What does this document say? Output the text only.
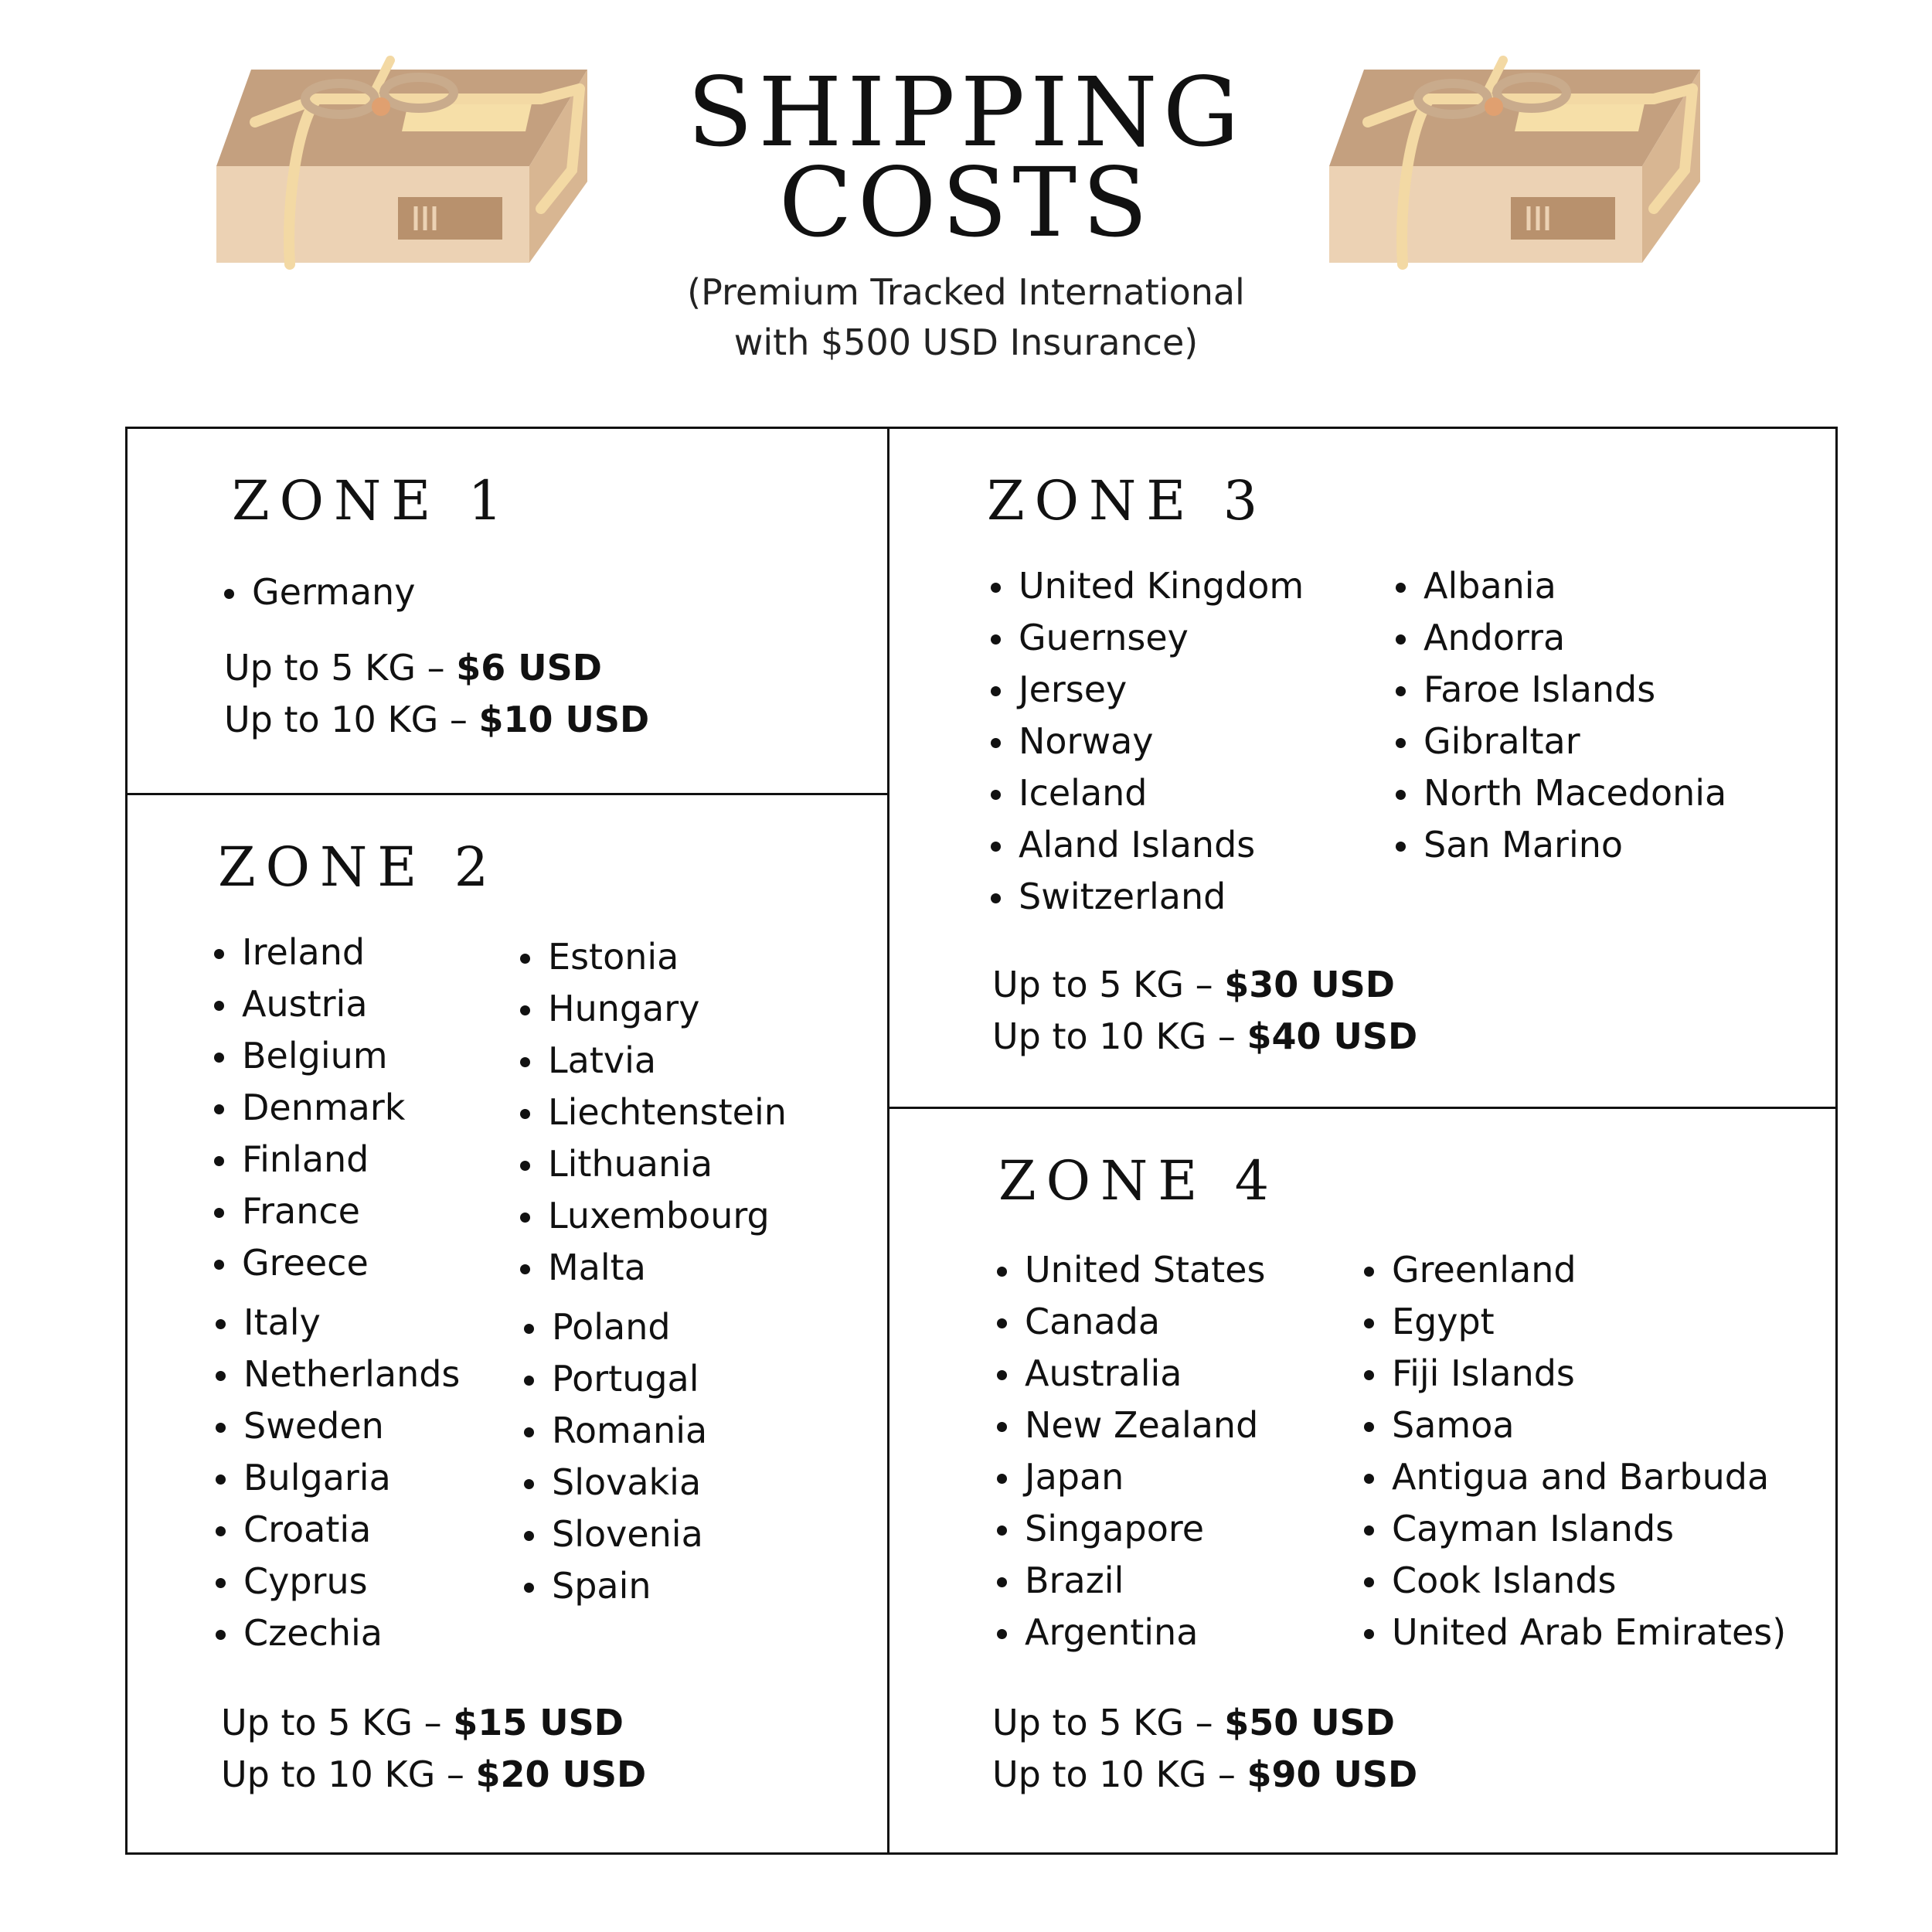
SHIPPING
COSTS
(Premium Tracked International
with $500 USD Insurance)
ZONE 1
Germany
Up to 5 KG – $6 USD
Up to 10 KG – $10 USD
ZONE 2
Ireland
Austria
Belgium
Denmark
Finland
France
Greece
Italy
Netherlands
Sweden
Bulgaria
Croatia
Cyprus
Czechia
Estonia
Hungary
Latvia
Liechtenstein
Lithuania
Luxembourg
Malta
Poland
Portugal
Romania
Slovakia
Slovenia
Spain
Up to 5 KG – $15 USD
Up to 10 KG – $20 USD
ZONE 3
United Kingdom
Guernsey
Jersey
Norway
Iceland
Aland Islands
Switzerland
Albania
Andorra
Faroe Islands
Gibraltar
North Macedonia
San Marino
Up to 5 KG – $30 USD
Up to 10 KG – $40 USD
ZONE 4
United States
Canada
Australia
New Zealand
Japan
Singapore
Brazil
Argentina
Greenland
Egypt
Fiji Islands
Samoa
Antigua and Barbuda
Cayman Islands
Cook Islands
United Arab Emirates)
Up to 5 KG – $50 USD
Up to 10 KG – $90 USD
